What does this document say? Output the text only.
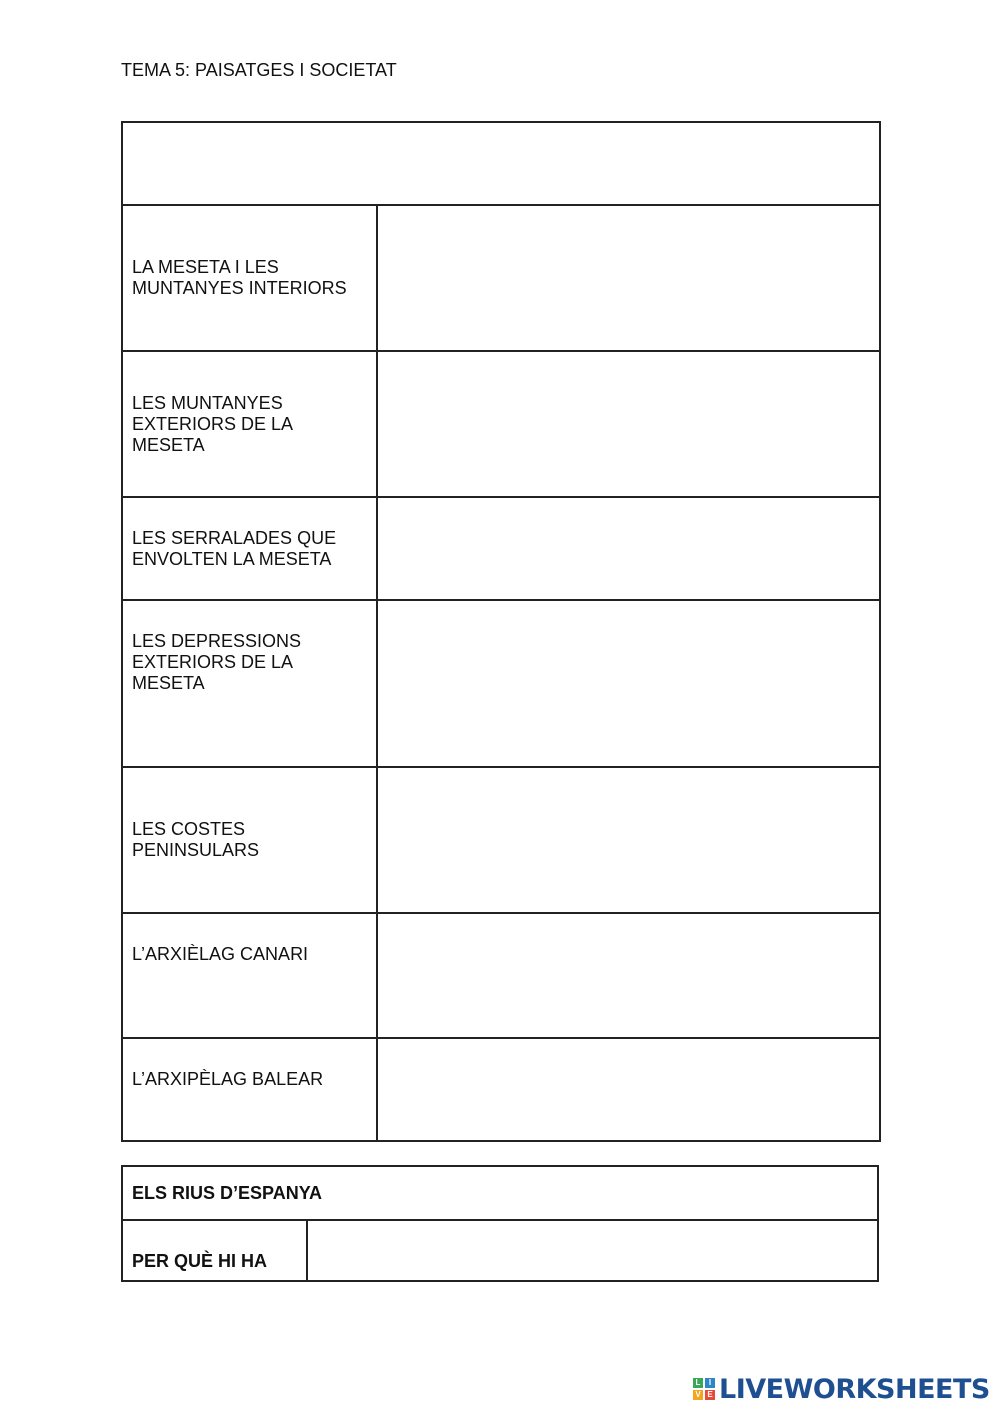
TEMA 5: PAISATGES I SOCIETAT

LA MESETA I LES MUNTANYES INTERIORS	
LES MUNTANYES EXTERIORS DE LA MESETA	
LES SERRALADES QUE ENVOLTEN LA MESETA	
LES DEPRESSIONS EXTERIORS DE LA MESETA	
LES COSTES PENINSULARS	
L’ARXIÈLAG CANARI	
L’ARXIPÈLAG BALEAR	
ELS RIUS D’ESPANYA
PER QUÈ HI HA	
L	I
V E LIVEWORKSHEETS
